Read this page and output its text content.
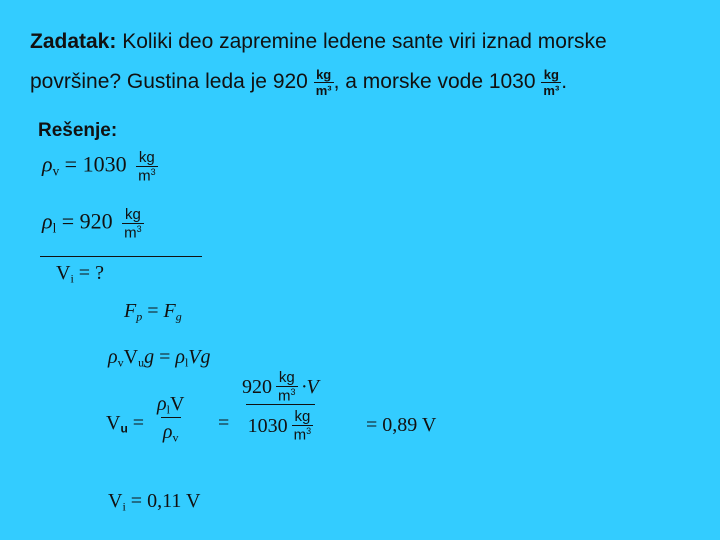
Zadatak: Koliki deo zapremine ledene sante viri iznad morske
površine? Gustina leda je $920 \frac{kg}{\text{m³}}$ , a morske vode $1030 \frac{kg}{\text{m³}}$ .
Rešenje:
$\rho_v = 1030 \frac{kg}{m^3}$
$\rho_l = 920 \frac{kg}{m^3}$
$V_i$ = ?
$F_p = F_g$
$\rho_vV_ug = \rho_lVg$
$V_u$ =
$\rho_lV$
$\rho_v$
= $\frac{920 \frac{kg}{m^3} \cdot V}{1030 \frac{kg}{m^3}} = 0,89$ V
$V_i = 0,11$ V
